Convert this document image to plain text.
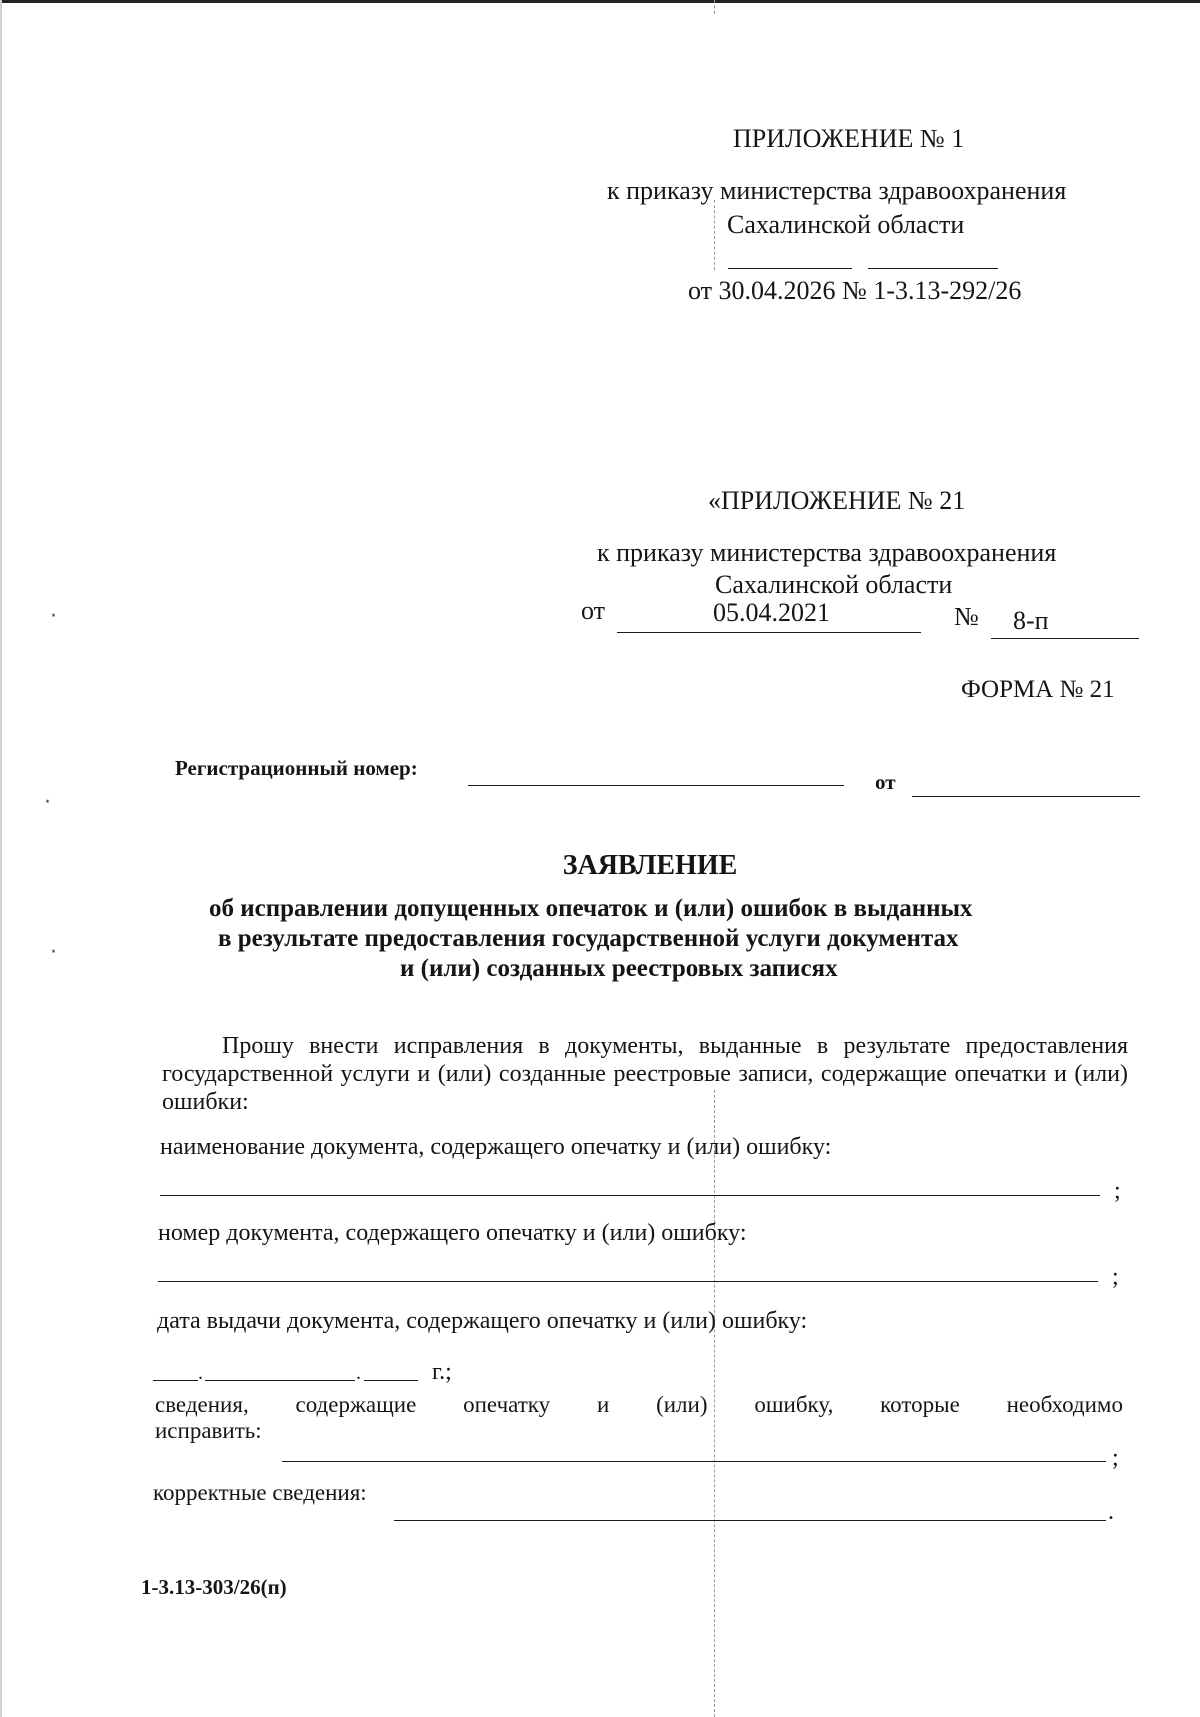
·
·
·
ПРИЛОЖЕНИЕ № 1
к приказу министерства здравоохранения
Сахалинской области
от 30.04.2026 № 1-3.13-292/26
«ПРИЛОЖЕНИЕ № 21
к приказу министерства здравоохранения
Сахалинской области
от	05.04.2021	№ 8-п
ФОРМА № 21
Регистрационный номер:
от
ЗАЯВЛЕНИЕ
об исправлении допущенных опечаток и (или) ошибок в выданных
в результате предоставления государственной услуги документах
и (или) созданных реестровых записях
Прошу внести исправления в документы, выданные в результате предоставления государственной услуги и (или) созданные реестровые записи, содержащие опечатки и (или) ошибки:
наименование документа, содержащего опечатку и (или) ошибку:
;
номер документа, содержащего опечатку и (или) ошибку:
;
дата выдачи документа, содержащего опечатку и (или) ошибку:
.	.	г.;
сведения, содержащие опечатку и (или) ошибку, которые необходимо
исправить:
;
корректные сведения:
.
1-3.13-303/26(п)
